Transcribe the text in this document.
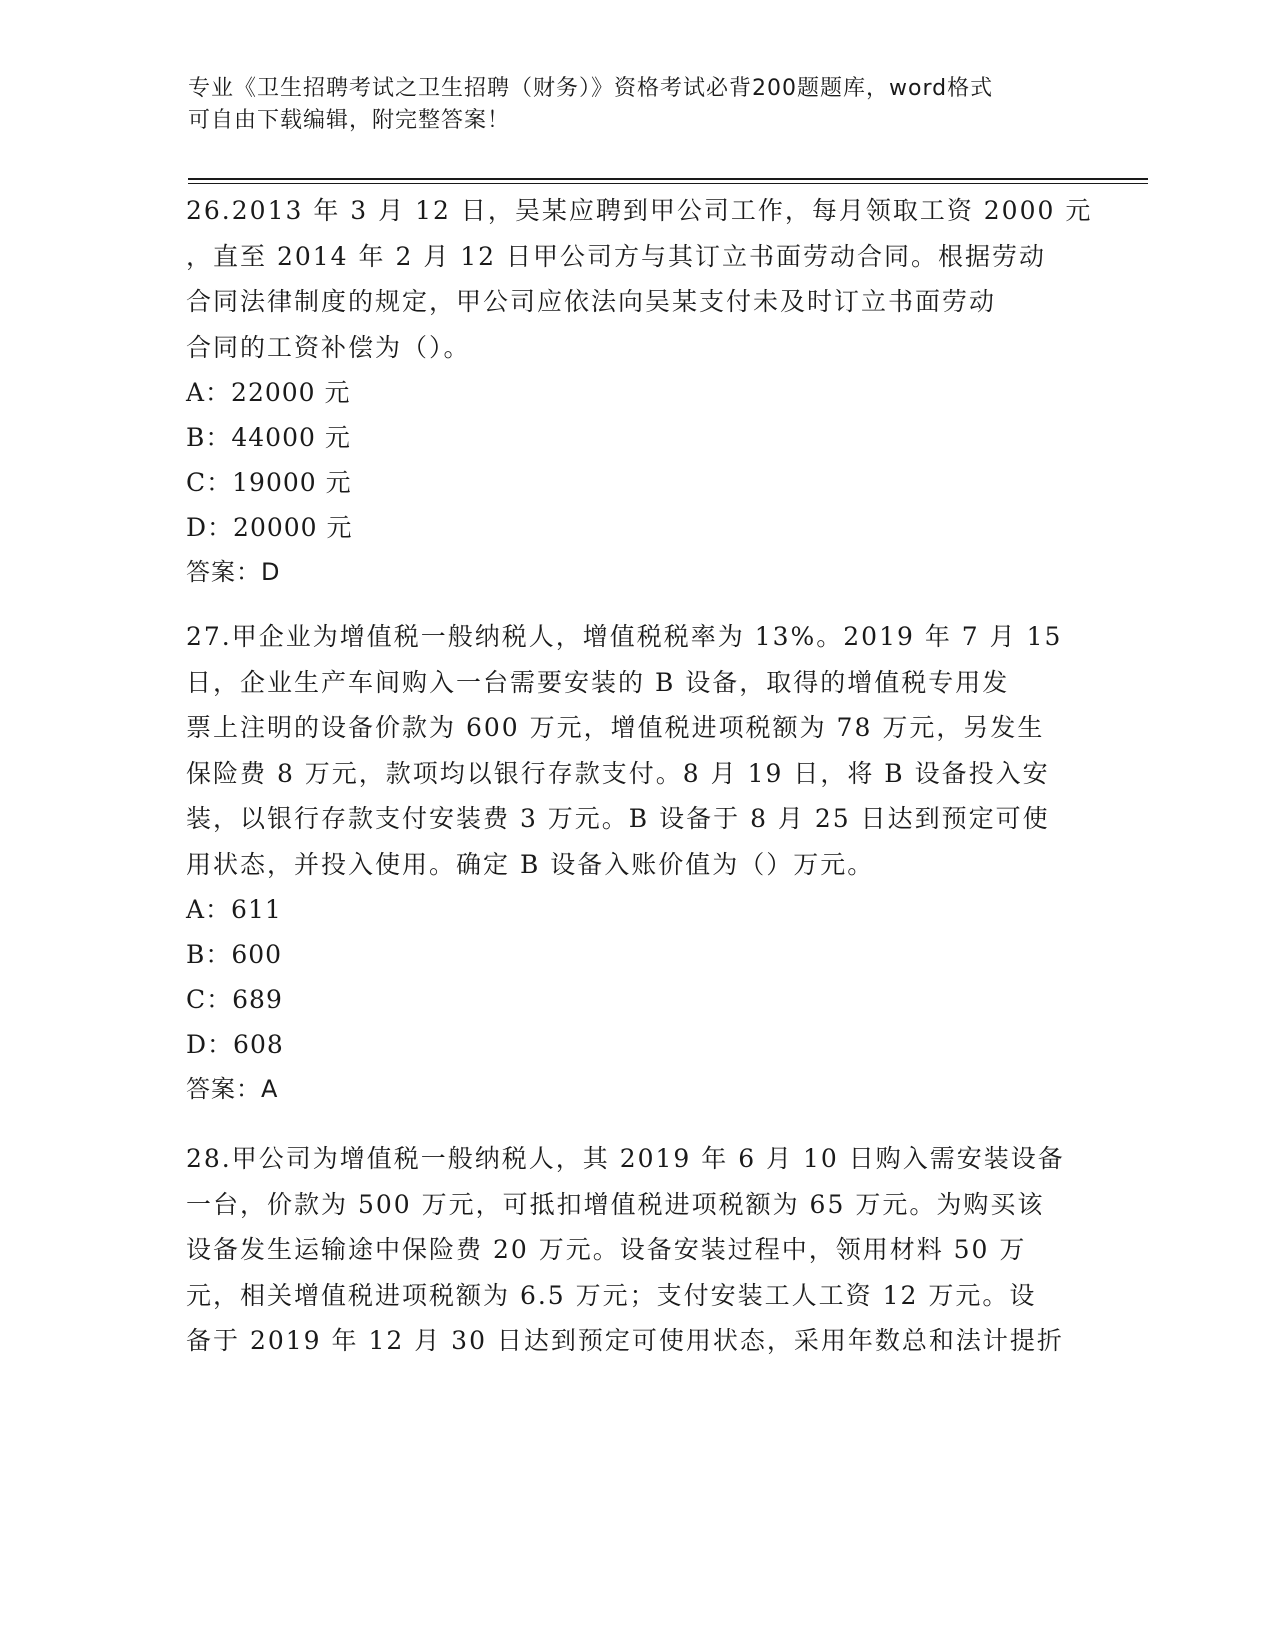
专业《卫生招聘考试之卫生招聘（财务）》资格考试必背200题题库，word格式
可自由下载编辑，附完整答案！
26.2013 年 3 月 12 日，吴某应聘到甲公司工作，每月领取工资 2000 元
，直至 2014 年 2 月 12 日甲公司方与其订立书面劳动合同。根据劳动
合同法律制度的规定，甲公司应依法向吴某支付未及时订立书面劳动
合同的工资补偿为（）。
A：22000 元
B：44000 元
C：19000 元
D：20000 元
答案：D
27.甲企业为增值税一般纳税人，增值税税率为 13%。2019 年 7 月 15
日，企业生产车间购入一台需要安装的 B 设备，取得的增值税专用发
票上注明的设备价款为 600 万元，增值税进项税额为 78 万元，另发生
保险费 8 万元，款项均以银行存款支付。8 月 19 日，将 B 设备投入安
装，以银行存款支付安装费 3 万元。B 设备于 8 月 25 日达到预定可使
用状态，并投入使用。确定 B 设备入账价值为（）万元。
A：611
B：600
C：689
D：608
答案：A
28.甲公司为增值税一般纳税人，其 2019 年 6 月 10 日购入需安装设备
一台，价款为 500 万元，可抵扣增值税进项税额为 65 万元。为购买该
设备发生运输途中保险费 20 万元。设备安装过程中，领用材料 50 万
元，相关增值税进项税额为 6.5 万元；支付安装工人工资 12 万元。设
备于 2019 年 12 月 30 日达到预定可使用状态，采用年数总和法计提折
